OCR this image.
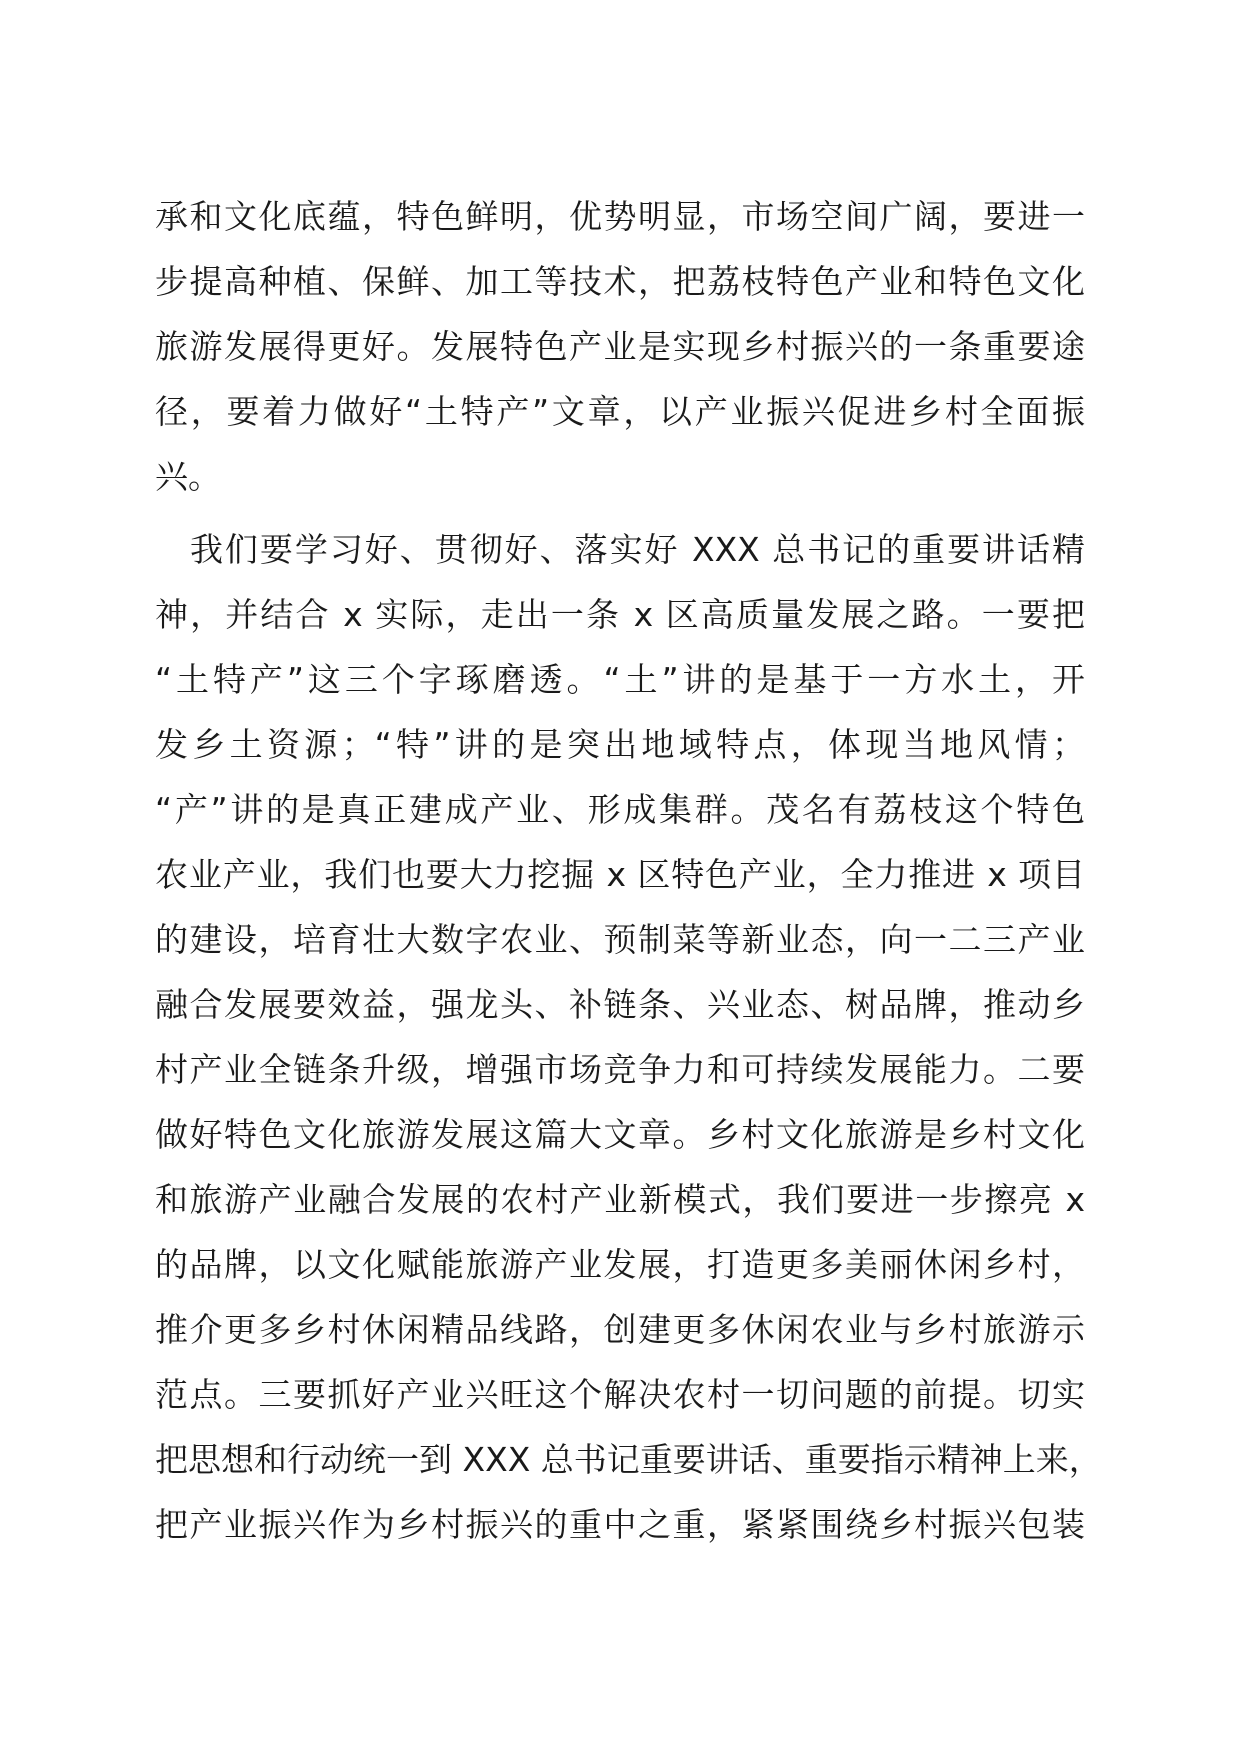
承和文化底蕴，特色鲜明，优势明显，市场空间广阔，要进一
步提高种植、保鲜、加工等技术，把荔枝特色产业和特色文化
旅游发展得更好。发展特色产业是实现乡村振兴的一条重要途
径，要着力做好“土特产”文章，以产业振兴促进乡村全面振
兴。
　我们要学习好、贯彻好、落实好 XXX 总书记的重要讲话精
神，并结合 x 实际，走出一条 x 区高质量发展之路。一要把
“土特产”这三个字琢磨透。“土”讲的是基于一方水土，开
发乡土资源；“特”讲的是突出地域特点，体现当地风情；
“产”讲的是真正建成产业、形成集群。茂名有荔枝这个特色
农业产业，我们也要大力挖掘 x 区特色产业，全力推进 x 项目
的建设，培育壮大数字农业、预制菜等新业态，向一二三产业
融合发展要效益，强龙头、补链条、兴业态、树品牌，推动乡
村产业全链条升级，增强市场竞争力和可持续发展能力。二要
做好特色文化旅游发展这篇大文章。乡村文化旅游是乡村文化
和旅游产业融合发展的农村产业新模式，我们要进一步擦亮 x
的品牌，以文化赋能旅游产业发展，打造更多美丽休闲乡村，
推介更多乡村休闲精品线路，创建更多休闲农业与乡村旅游示
范点。三要抓好产业兴旺这个解决农村一切问题的前提。切实
把思想和行动统一到 XXX 总书记重要讲话、重要指示精神上来，
把产业振兴作为乡村振兴的重中之重，紧紧围绕乡村振兴包装
